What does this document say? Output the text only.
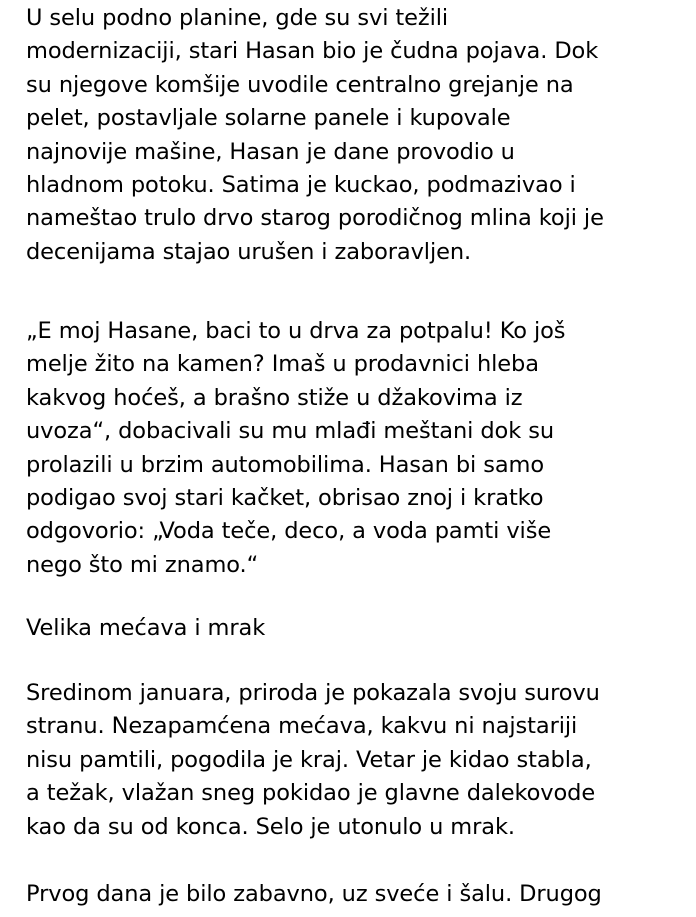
U selu podno planine, gde su svi težili
modernizaciji, stari Hasan bio je čudna pojava. Dok
su njegove komšije uvodile centralno grejanje na
pelet, postavljale solarne panele i kupovale
najnovije mašine, Hasan je dane provodio u
hladnom potoku. Satima je kuckao, podmazivao i
nameštao trulo drvo starog porodičnog mlina koji je
decenijama stajao urušen i zaboravljen.

„E moj Hasane, baci to u drva za potpalu! Ko još
melje žito na kamen? Imaš u prodavnici hleba
kakvog hoćeš, a brašno stiže u džakovima iz
uvoza“, dobacivali su mu mlađi meštani dok su
prolazili u brzim automobilima. Hasan bi samo
podigao svoj stari kačket, obrisao znoj i kratko
odgovorio: „Voda teče, deco, a voda pamti više
nego što mi znamo.“

Velika mećava i mrak

Sredinom januara, priroda je pokazala svoju surovu
stranu. Nezapamćena mećava, kakvu ni najstariji
nisu pamtili, pogodila je kraj. Vetar je kidao stabla,
a težak, vlažan sneg pokidao je glavne dalekovode
kao da su od konca. Selo je utonulo u mrak.

Prvog dana je bilo zabavno, uz sveće i šalu. Drugog
